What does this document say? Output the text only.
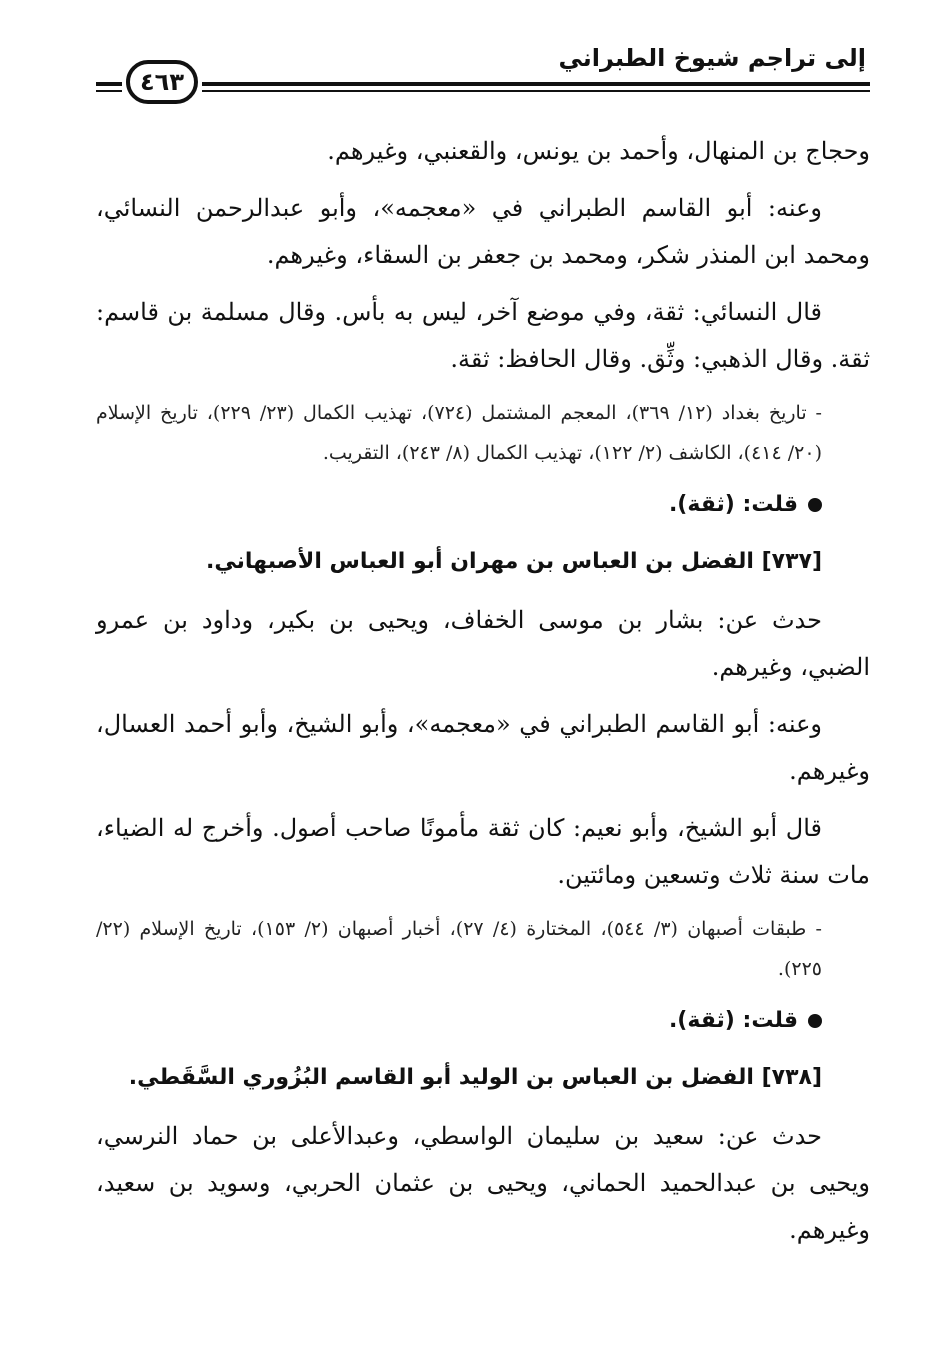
إلى تراجم شيوخ الطبراني
٤٦٣

وحجاج بن المنهال، وأحمد بن يونس، والقعنبي، وغيرهم.

وعنه: أبو القاسم الطبراني في «معجمه»، وأبو عبدالرحمن النسائي، ومحمد ابن المنذر شكر، ومحمد بن جعفر بن السقاء، وغيرهم.

قال النسائي: ثقة، وفي موضع آخر، ليس به بأس. وقال مسلمة بن قاسم: ثقة. وقال الذهبي: وثِّق. وقال الحافظ: ثقة.

- تاريخ بغداد (١٢/ ٣٦٩)، المعجم المشتمل (٧٢٤)، تهذيب الكمال (٢٣/ ٢٢٩)، تاريخ الإسلام (٢٠/ ٤١٤)، الكاشف (٢/ ١٢٢)، تهذيب الكمال (٨/ ٢٤٣)، التقريب.

قلت: (ثقة).

[٧٣٧] الفضل بن العباس بن مهران أبو العباس الأصبهاني.

حدث عن: بشار بن موسى الخفاف، ويحيى بن بكير، وداود بن عمرو الضبي، وغيرهم.

وعنه: أبو القاسم الطبراني في «معجمه»، وأبو الشيخ، وأبو أحمد العسال، وغيرهم.

قال أبو الشيخ، وأبو نعيم: كان ثقة مأمونًا صاحب أصول. وأخرج له الضياء، مات سنة ثلاث وتسعين ومائتين.

- طبقات أصبهان (٣/ ٥٤٤)، المختارة (٤/ ٢٧)، أخبار أصبهان (٢/ ١٥٣)، تاريخ الإسلام (٢٢/ ٢٢٥).

قلت: (ثقة).

[٧٣٨] الفضل بن العباس بن الوليد أبو القاسم البُزُوري السَّقَطي.

حدث عن: سعيد بن سليمان الواسطي، وعبدالأعلى بن حماد النرسي، ويحيى بن عبدالحميد الحماني، ويحيى بن عثمان الحربي، وسويد بن سعيد، وغيرهم.
